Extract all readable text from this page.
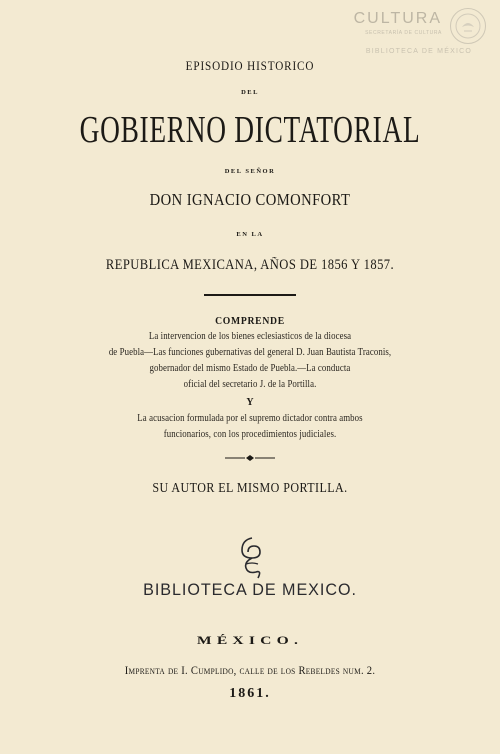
CULTURA
SECRETARÍA DE CULTURA
BIBLIOTECA DE MÉXICO
EPISODIO HISTORICO
DEL
GOBIERNO DICTATORIAL
DEL SEÑOR
DON IGNACIO COMONFORT
EN LA
REPUBLICA MEXICANA, AÑOS DE 1856 Y 1857.
COMPRENDE
La intervencion de los bienes eclesiasticos de la diocesa
de Puebla—Las funciones gubernativas del general D. Juan Bautista Traconis,
gobernador del mismo Estado de Puebla.—La conducta
oficial del secretario J. de la Portilla.
Y
La acusacion formulada por el supremo dictador contra ambos
funcionarios, con los procedimientos judiciales.
SU AUTOR EL MISMO PORTILLA.
BIBLIOTECA DE MEXICO.
MÉXICO.
Imprenta de I. Cumplido, calle de los Rebeldes num. 2.
1861.
